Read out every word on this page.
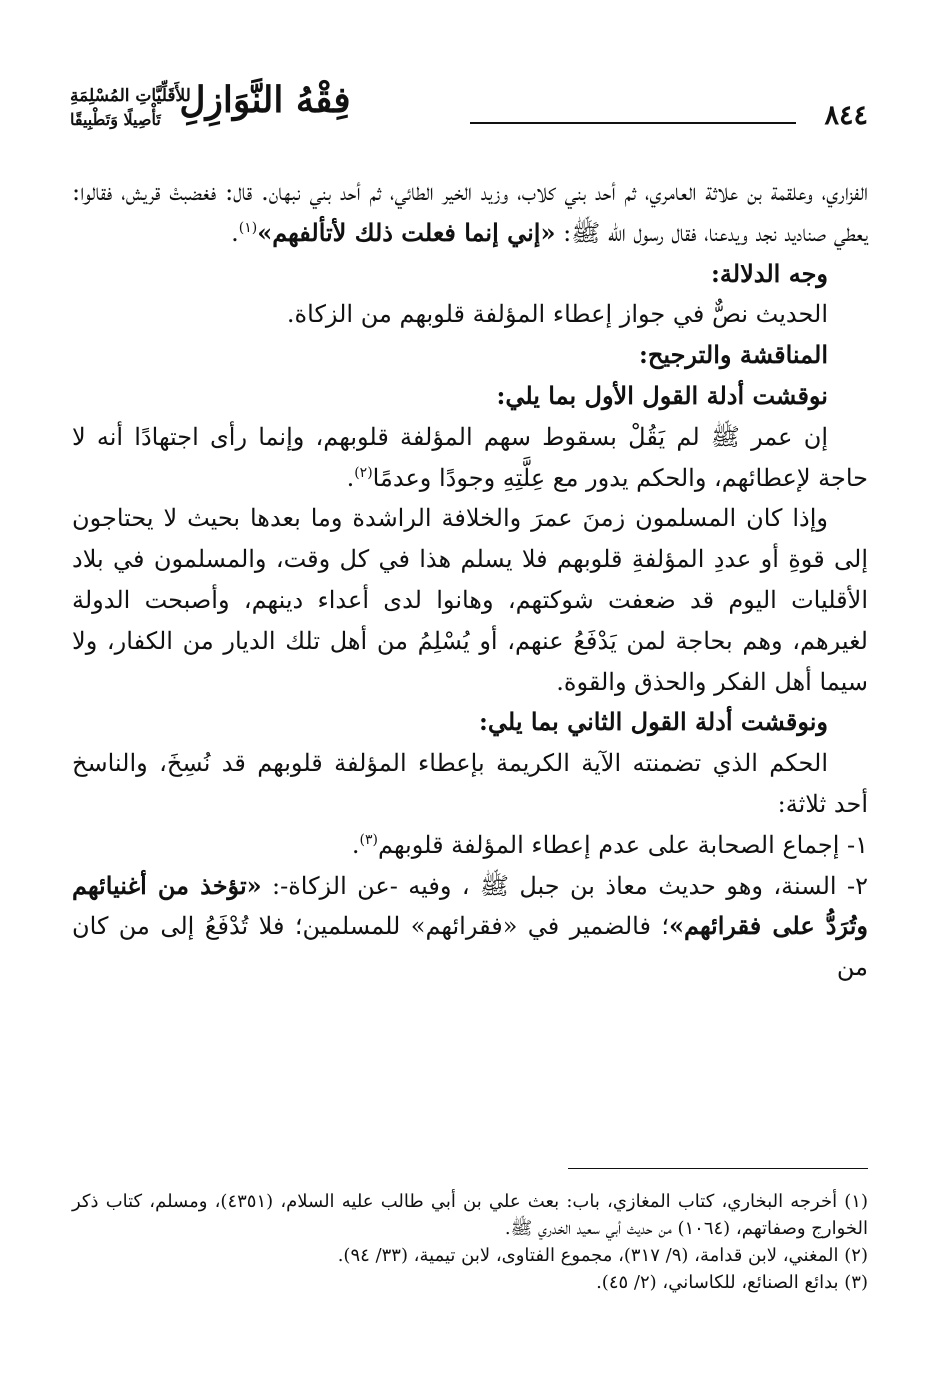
٨٤٤
فِقْهُ النَّوَازِلِ
للأَقَلِّيَّاتِ المُسْلِمَةِ
تَأْصِيلًا وَتَطْبِيقًا

الفزاري، وعلقمة بن علاثة العامري، ثم أحد بني كلاب، وزيد الخير الطائي، ثم أحد بني نبهان. قال: فغضبتْ قريش، فقالوا: يعطي صناديد نجد ويدعنا، فقال رسول الله ﷺ: «إني إنما فعلت ذلك لأتألفهم»$^{(١)}$.

وجه الدلالة:

الحديث نصٌّ في جواز إعطاء المؤلفة قلوبهم من الزكاة.

المناقشة والترجيح:

نوقشت أدلة القول الأول بما يلي:

إن عمر ﷺ لم يَقُلْ بسقوط سهم المؤلفة قلوبهم، وإنما رأى اجتهادًا أنه لا حاجة لإعطائهم، والحكم يدور مع عِلَّتِهِ وجودًا وعدمًا$^{(٢)}$.

وإذا كان المسلمون زمنَ عمرَ والخلافة الراشدة وما بعدها بحيث لا يحتاجون إلى قوةِ أو عددِ المؤلفةِ قلوبهم فلا يسلم هذا في كل وقت، والمسلمون في بلاد الأقليات اليوم قد ضعفت شوكتهم، وهانوا لدى أعداء دينهم، وأصبحت الدولة لغيرهم، وهم بحاجة لمن يَدْفَعُ عنهم، أو يُسْلِمُ من أهل تلك الديار من الكفار، ولا سيما أهل الفكر والحذق والقوة.

ونوقشت أدلة القول الثاني بما يلي:

الحكم الذي تضمنته الآية الكريمة بإعطاء المؤلفة قلوبهم قد نُسِخَ، والناسخ أحد ثلاثة:

١- إجماع الصحابة على عدم إعطاء المؤلفة قلوبهم$^{(٣)}$.

٢- السنة، وهو حديث معاذ بن جبل ﷺ ، وفيه -عن الزكاة-: «تؤخذ من أغنيائهم وتُرَدُّ على فقرائهم»؛ فالضمير في «فقرائهم» للمسلمين؛ فلا تُدْفَعُ إلى من كان من

(١) أخرجه البخاري، كتاب المغازي، باب: بعث علي بن أبي طالب عليه السلام، (٤٣٥١)، ومسلم، كتاب ذكر الخوارج وصفاتهم، (١٠٦٤) من حديث أبي سعيد الخدري ﷺ.

(٢) المغني، لابن قدامة، (٩/ ٣١٧)، مجموع الفتاوى، لابن تيمية، (٣٣/ ٩٤).

(٣) بدائع الصنائع، للكاساني، (٢/ ٤٥).
